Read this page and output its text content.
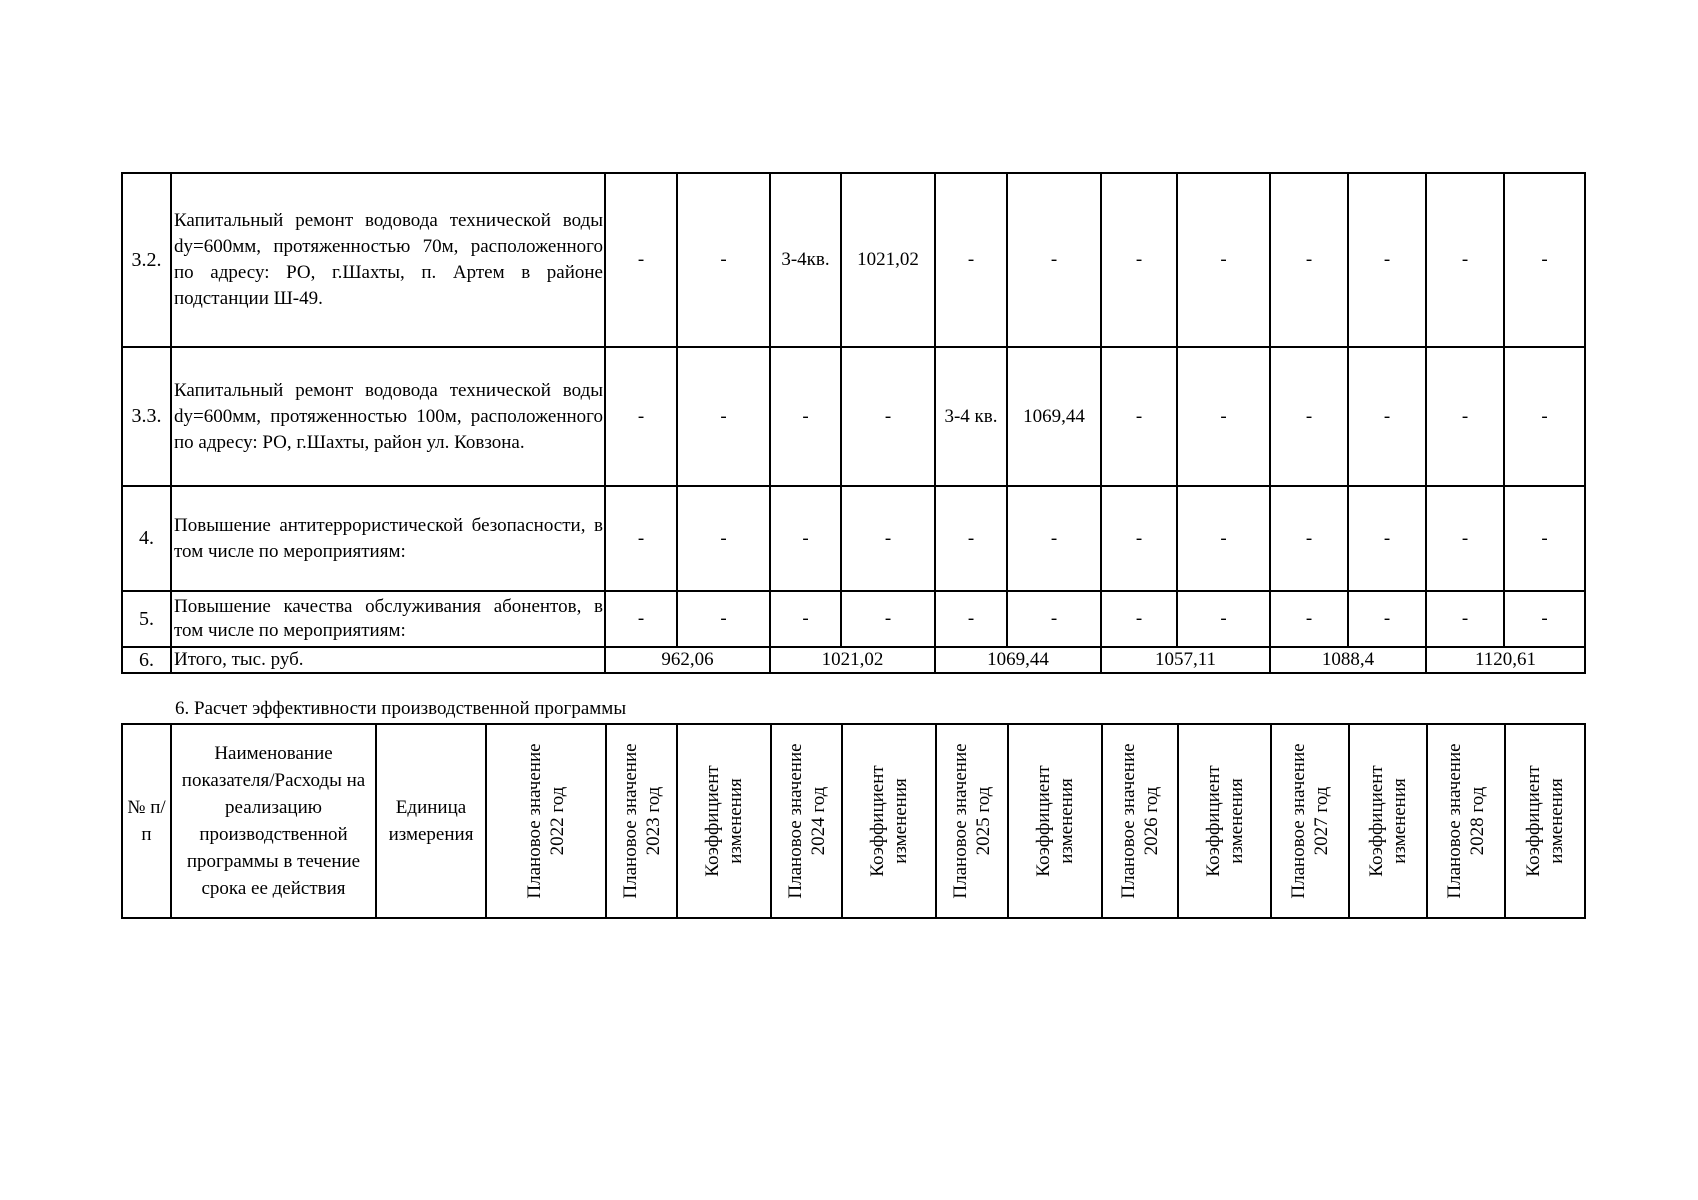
3.2.	Капитальный ремонт водовода технической воды dy=600мм, протяженностью 70м, расположенного по адресу: РО, г.Шахты, п. Артем в районе подстанции Ш-49.	-	-	3-4кв.	1021,02	-	-	-	-	-	-	-	-
3.3.	Капитальный ремонт водовода технической воды dy=600мм, протяженностью 100м, расположенного по адресу: РО, г.Шахты, район ул. Ковзона.	-	-	-	-	3-4 кв.	1069,44	-	-	-	-	-	-
4.	Повышение антитеррористической безопасности, в том числе по мероприятиям:	-	-	-	-	-	-	-	-	-	-	-	-
5.	Повышение качества обслуживания абонентов, в том числе по мероприятиям:	-	-	-	-	-	-	-	-	-	-	-	-
6.	Итого, тыс. руб.	962,06		1021,02		1069,44		1057,11		1088,4		1120,61	
6. Расчет эффективности производственной программы
№ п/п	Наименование показателя/Расходы на реализацию производственной программы в течение срока ее действия	Единица измерения	Плановое значение 2022 год	Плановое значение 2023 год	Коэффициент изменения	Плановое значение 2024 год	Коэффициент изменения	Плановое значение 2025 год	Коэффициент изменения	Плановое значение 2026 год	Коэффициент изменения	Плановое значение 2027 год	Коэффициент изменения	Плановое значение 2028 год	Коэффициент изменения
